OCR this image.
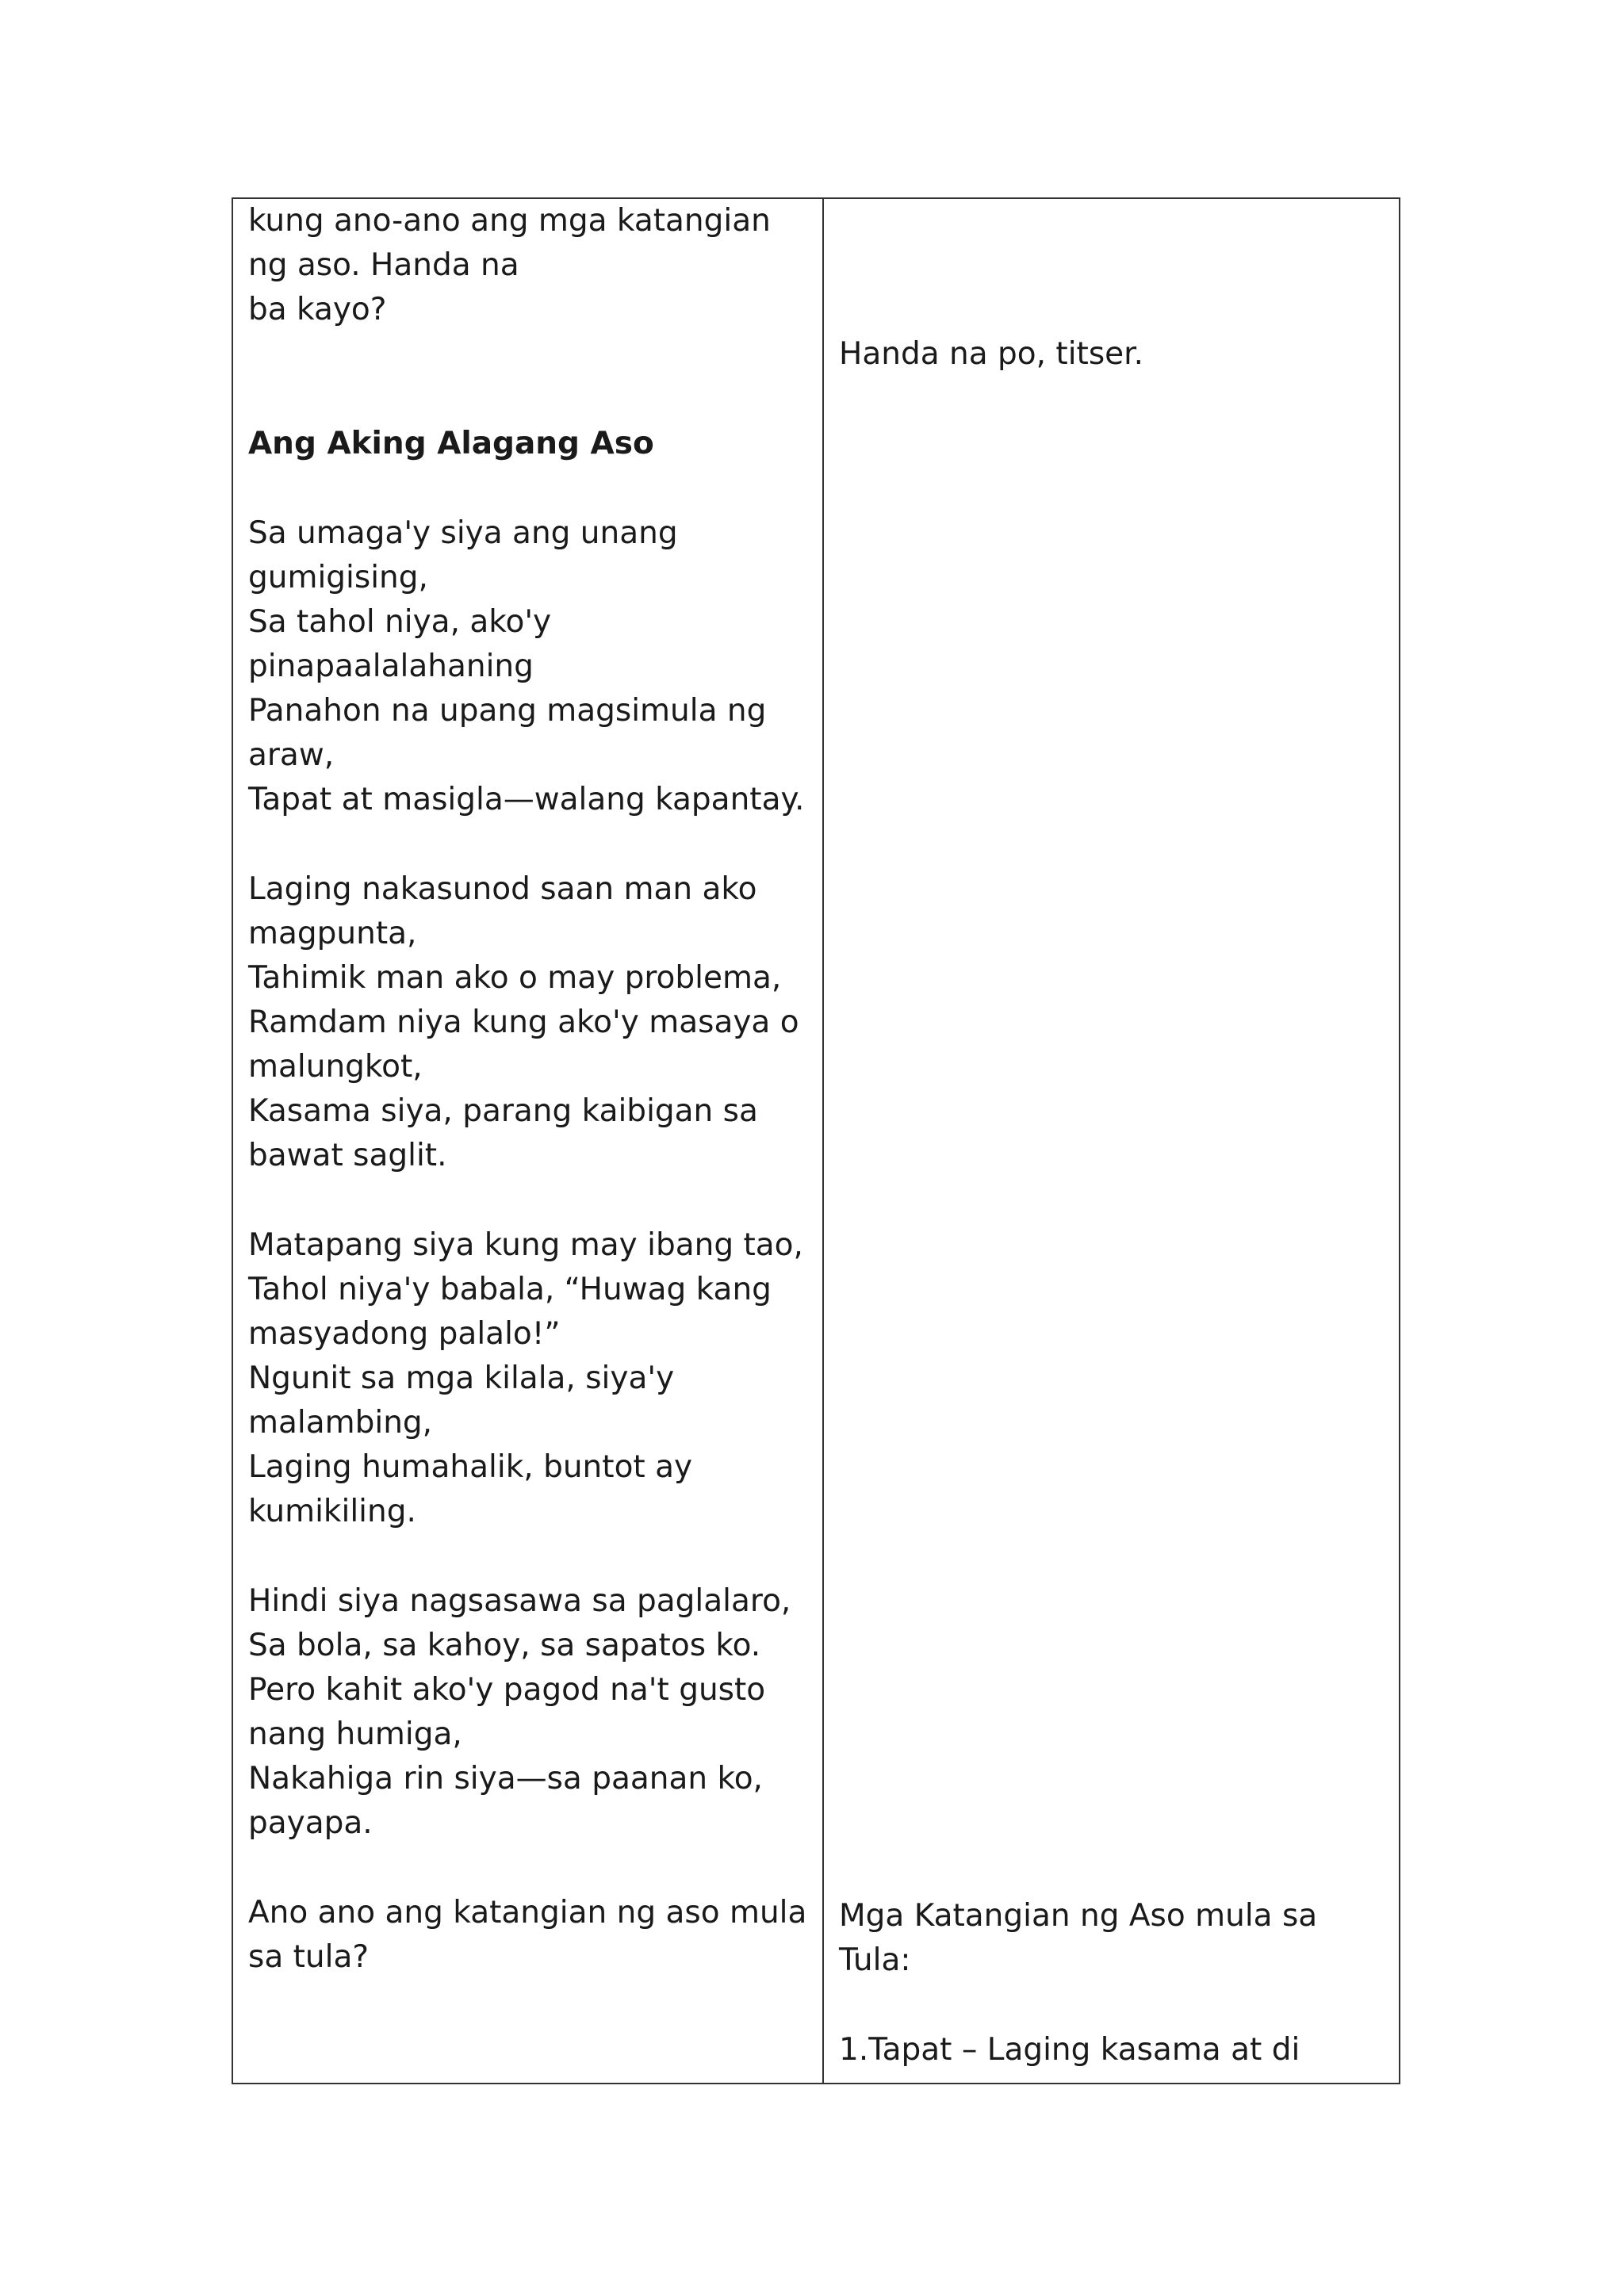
kung ano-ano ang mga katangian
ng aso. Handa na
ba kayo?
Ang Aking Alagang Aso
Sa umaga'y siya ang unang
gumigising,
Sa tahol niya, ako'y
pinapaalalahaning
Panahon na upang magsimula ng
araw,
Tapat at masigla—walang kapantay.
Laging nakasunod saan man ako
magpunta,
Tahimik man ako o may problema,
Ramdam niya kung ako'y masaya o
malungkot,
Kasama siya, parang kaibigan sa
bawat saglit.
Matapang siya kung may ibang tao,
Tahol niya'y babala, “Huwag kang
masyadong palalo!”
Ngunit sa mga kilala, siya'y
malambing,
Laging humahalik, buntot ay
kumikiling.
Hindi siya nagsasawa sa paglalaro,
Sa bola, sa kahoy, sa sapatos ko.
Pero kahit ako'y pagod na't gusto
nang humiga,
Nakahiga rin siya—sa paanan ko,
payapa.
Ano ano ang katangian ng aso mula
sa tula?
Handa na po, titser.
Mga Katangian ng Aso mula sa
Tula:
1.Tapat – Laging kasama at di
